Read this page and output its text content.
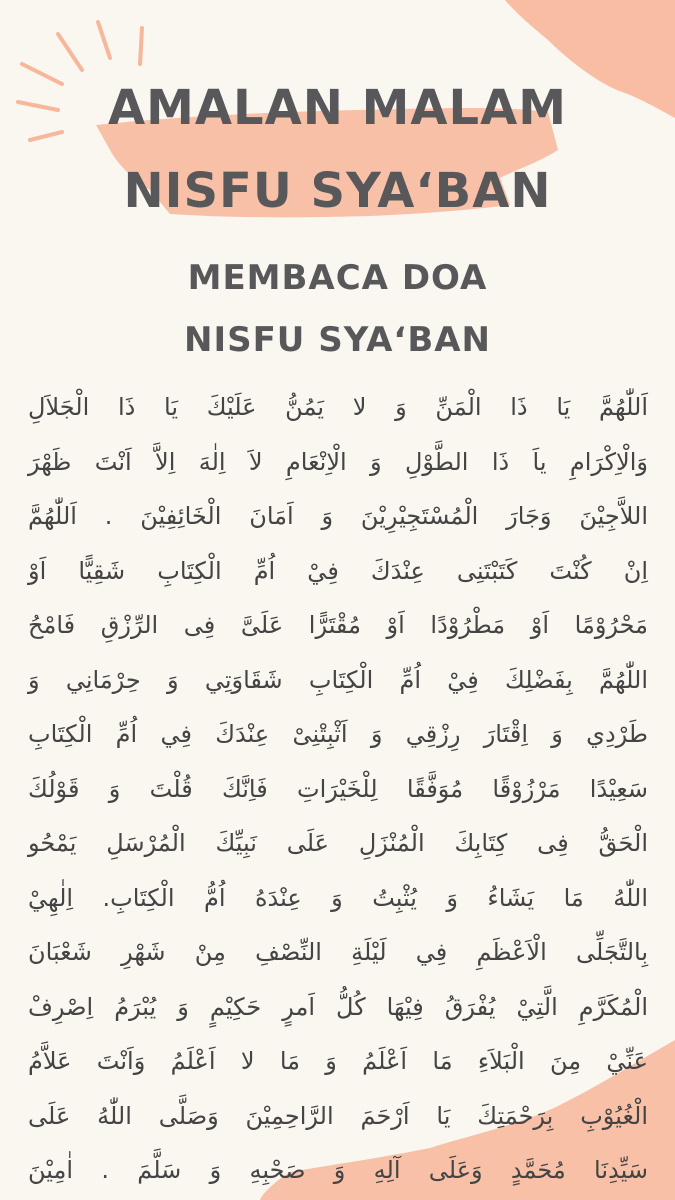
AMALAN MALAM
NISFU SYA‘BAN
MEMBACA DOA
NISFU SYA‘BAN
اَللّٰهُمَّ يَا ذَا الْمَنِّ وَ لا يَمُنُّ عَلَيْكَ يَا ذَا الْجَلاَلِ
وَالْاِكْرَامِ ياَ ذَا الطَّوْلِ وَ الْاِنْعَامِ لاَ اِلٰهَ اِلاَّ اَنْتَ ظَهْرَ
اللاَّجِيْنَ وَجَارَ الْمُسْتَجِيْرِيْنَ وَ اَمَانَ الْخَائِفِيْنَ . اَللّٰهُمَّ
اِنْ كُنْتَ كَتَبْتَنِى عِنْدَكَ فِيْ اُمِّ الْكِتَابِ شَقِيًّا اَوْ
مَحْرُوْمًا اَوْ مَطْرُوْدًا اَوْ مُقْتَرًّا عَلَىَّ فِى الرِّزْقِ فَامْحُ
اللّٰهُمَّ بِفَضْلِكَ فِيْ اُمِّ الْكِتَابِ شَقَاوَتِي وَ حِرْمَانِي وَ
طَرْدِي وَ اِقْتَارَ رِزْقِي وَ اَثْبِتْنِىْ عِنْدَكَ فِي اُمِّ الْكِتَابِ
سَعِيْدًا مَرْزُوْقًا مُوَفَّقًا لِلْخَيْرَاتِ فَاِنَّكَ قُلْتَ وَ قَوْلُكَ
الْحَقُّ فِى كِتَابِكَ الْمُنْزَلِ عَلَى نَبِيِّكَ الْمُرْسَلِ يَمْحُو
اللّٰهُ مَا يَشَاءُ وَ يُثْبِتُ وَ عِنْدَهُ اُمُّ الْكِتَابِ. اِلٰهِيْ
بِالتَّجَلِّى الْاَعْظَمِ فِي لَيْلَةِ النِّصْفِ مِنْ شَهْرِ شَعْبَانَ
الْمُكَرَّمِ الَّتِيْ يُفْرَقُ فِيْهَا كُلُّ اَمرٍ حَكِيْمٍ وَ يُبْرَمُ اِصْرِفْ
عَنِّيْ مِنَ الْبَلاَءِ مَا اَعْلَمُ وَ مَا لا اَعْلَمُ وَاَنْتَ عَلاَّمُ
الْغُيُوْبِ بِرَحْمَتِكَ يَا اَرْحَمَ الرَّاحِمِيْنَ وَصَلَّى اللّٰهُ عَلَى
سَيِّدِنَا مُحَمَّدٍ وَعَلَى آلِهِ وَ صَحْبِهِ وَ سَلَّمَ . اٰمِيْنَ
